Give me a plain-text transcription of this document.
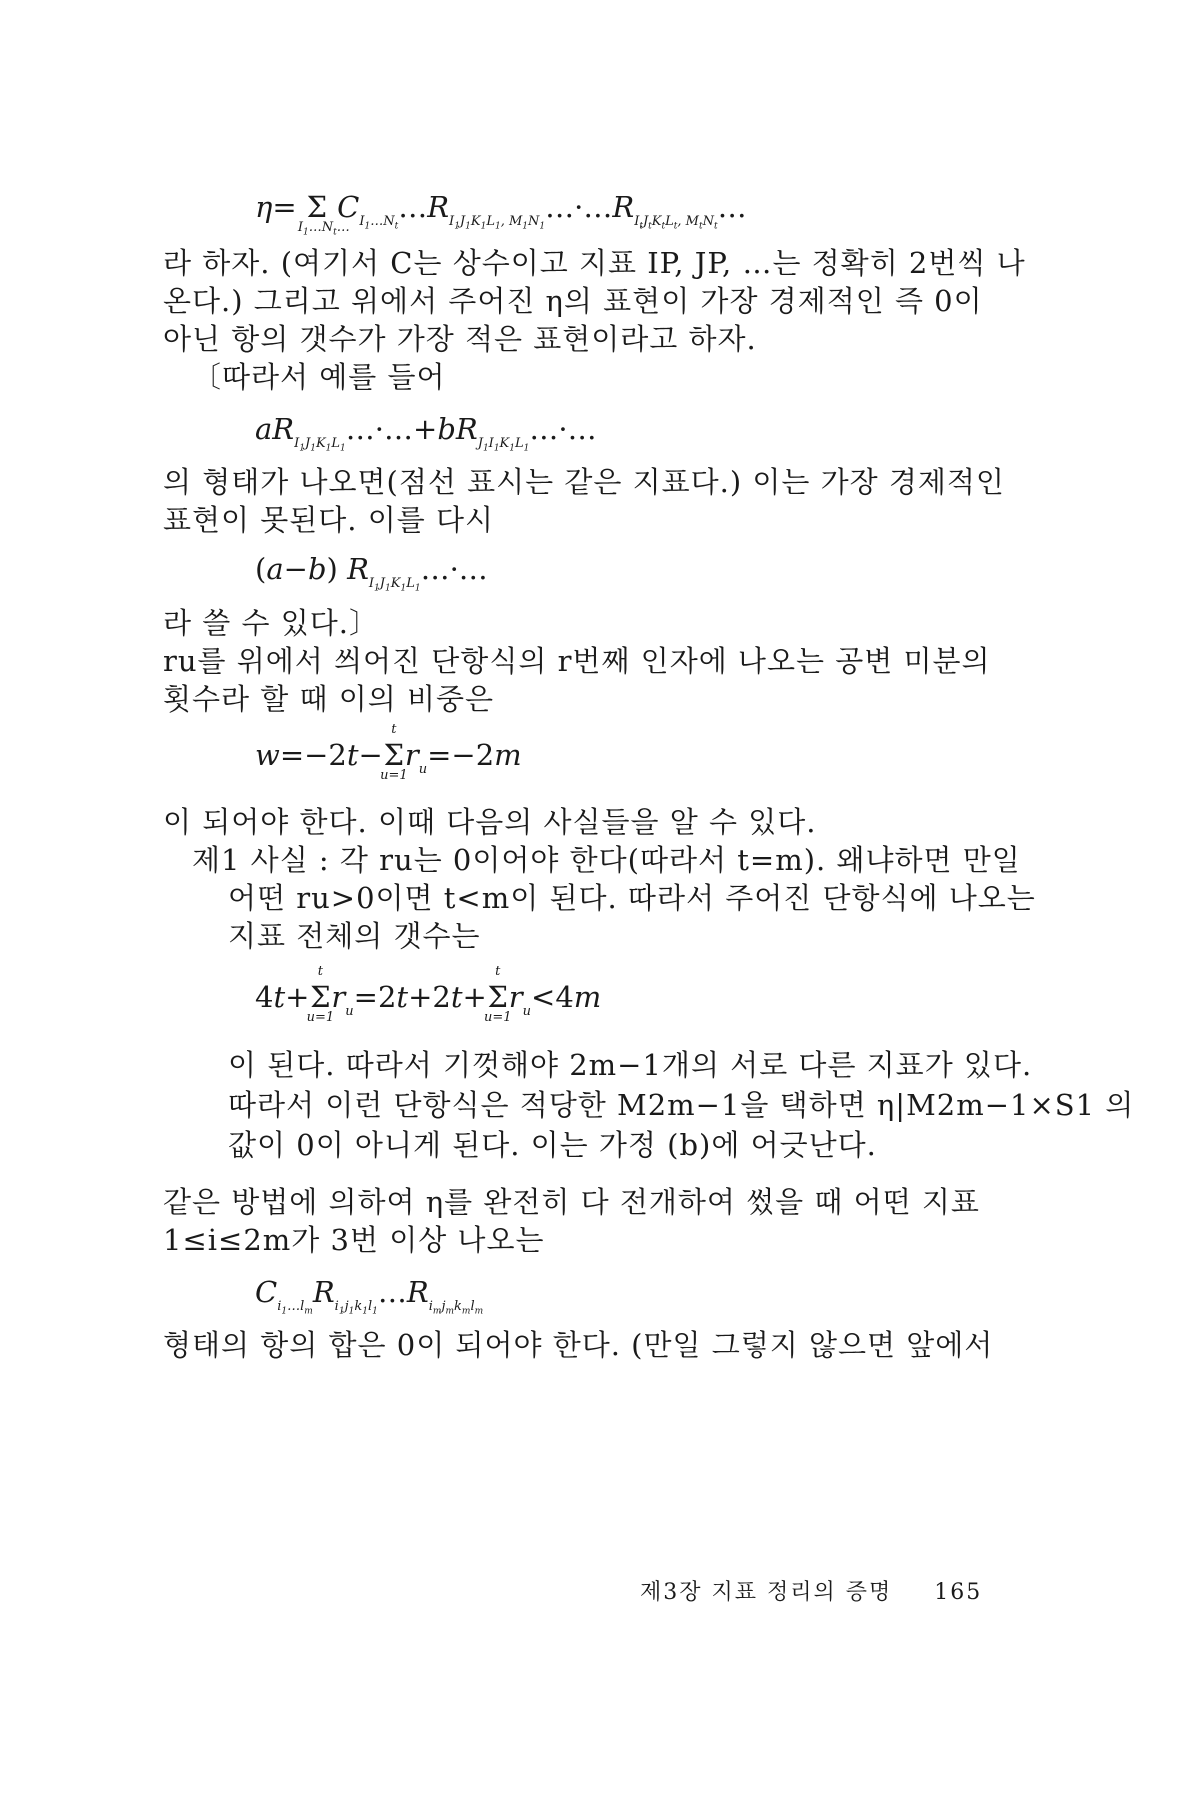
η= Σ
$I_1\dots N_t\dots$
$C_{I_1\dots N_t}\dots R_{I_1J_1K_1L_1, M_1N_1}\dots\cdot\dots R_{I_tJ_tK_tL_t, M_tN_t}\dots$
라 하자. (여기서 C는 상수이고 지표 IP, JP, …는 정확히 2번씩 나
온다.) 그리고 위에서 주어진 η의 표현이 가장 경제적인 즉 0이
아닌 항의 갯수가 가장 적은 표현이라고 하자.
〔따라서 예를 들어
$aR_{I_1J_1K_1L_1}\dots\cdot\dots+bR_{J_1I_1K_1L_1}\dots\cdot\dots$
의 형태가 나오면(점선 표시는 같은 지표다.) 이는 가장 경제적인
표현이 못된다. 이를 다시
(a−b) $R_{I_1J_1K_1L_1}\dots\cdot\dots$
라 쓸 수 있다.〕
ru를 위에서 씌어진 단항식의 r번째 인자에 나오는 공변 미분의
횟수라 할 때 이의 비중은
w=−2t−Σ
t
u=1
$r_u=-2m$
이 되어야 한다. 이때 다음의 사실들을 알 수 있다.
제1 사실 : 각 ru는 0이어야 한다(따라서 t=m). 왜냐하면 만일
어떤 ru>0이면 t<m이 된다. 따라서 주어진 단항식에 나오는
지표 전체의 갯수는
4t+Σ
t
u=1
$r_u=2t+2t+\Sigma$
t
u=1
$r_u<4m$
이 된다. 따라서 기껏해야 2m−1개의 서로 다른 지표가 있다.
따라서 이런 단항식은 적당한 M2m−1을 택하면 η|M2m−1×S1 의
값이 0이 아니게 된다. 이는 가정 (b)에 어긋난다.
같은 방법에 의하여 η를 완전히 다 전개하여 썼을 때 어떤 지표
1≤i≤2m가 3번 이상 나오는
$C_{i_1\dots l_m}R_{i_1j_1k_1l_1}\dots R_{i_mj_mk_ml_m}$
형태의 항의 합은 0이 되어야 한다. (만일 그렇지 않으면 앞에서
제3장 지표 정리의 증명 165
